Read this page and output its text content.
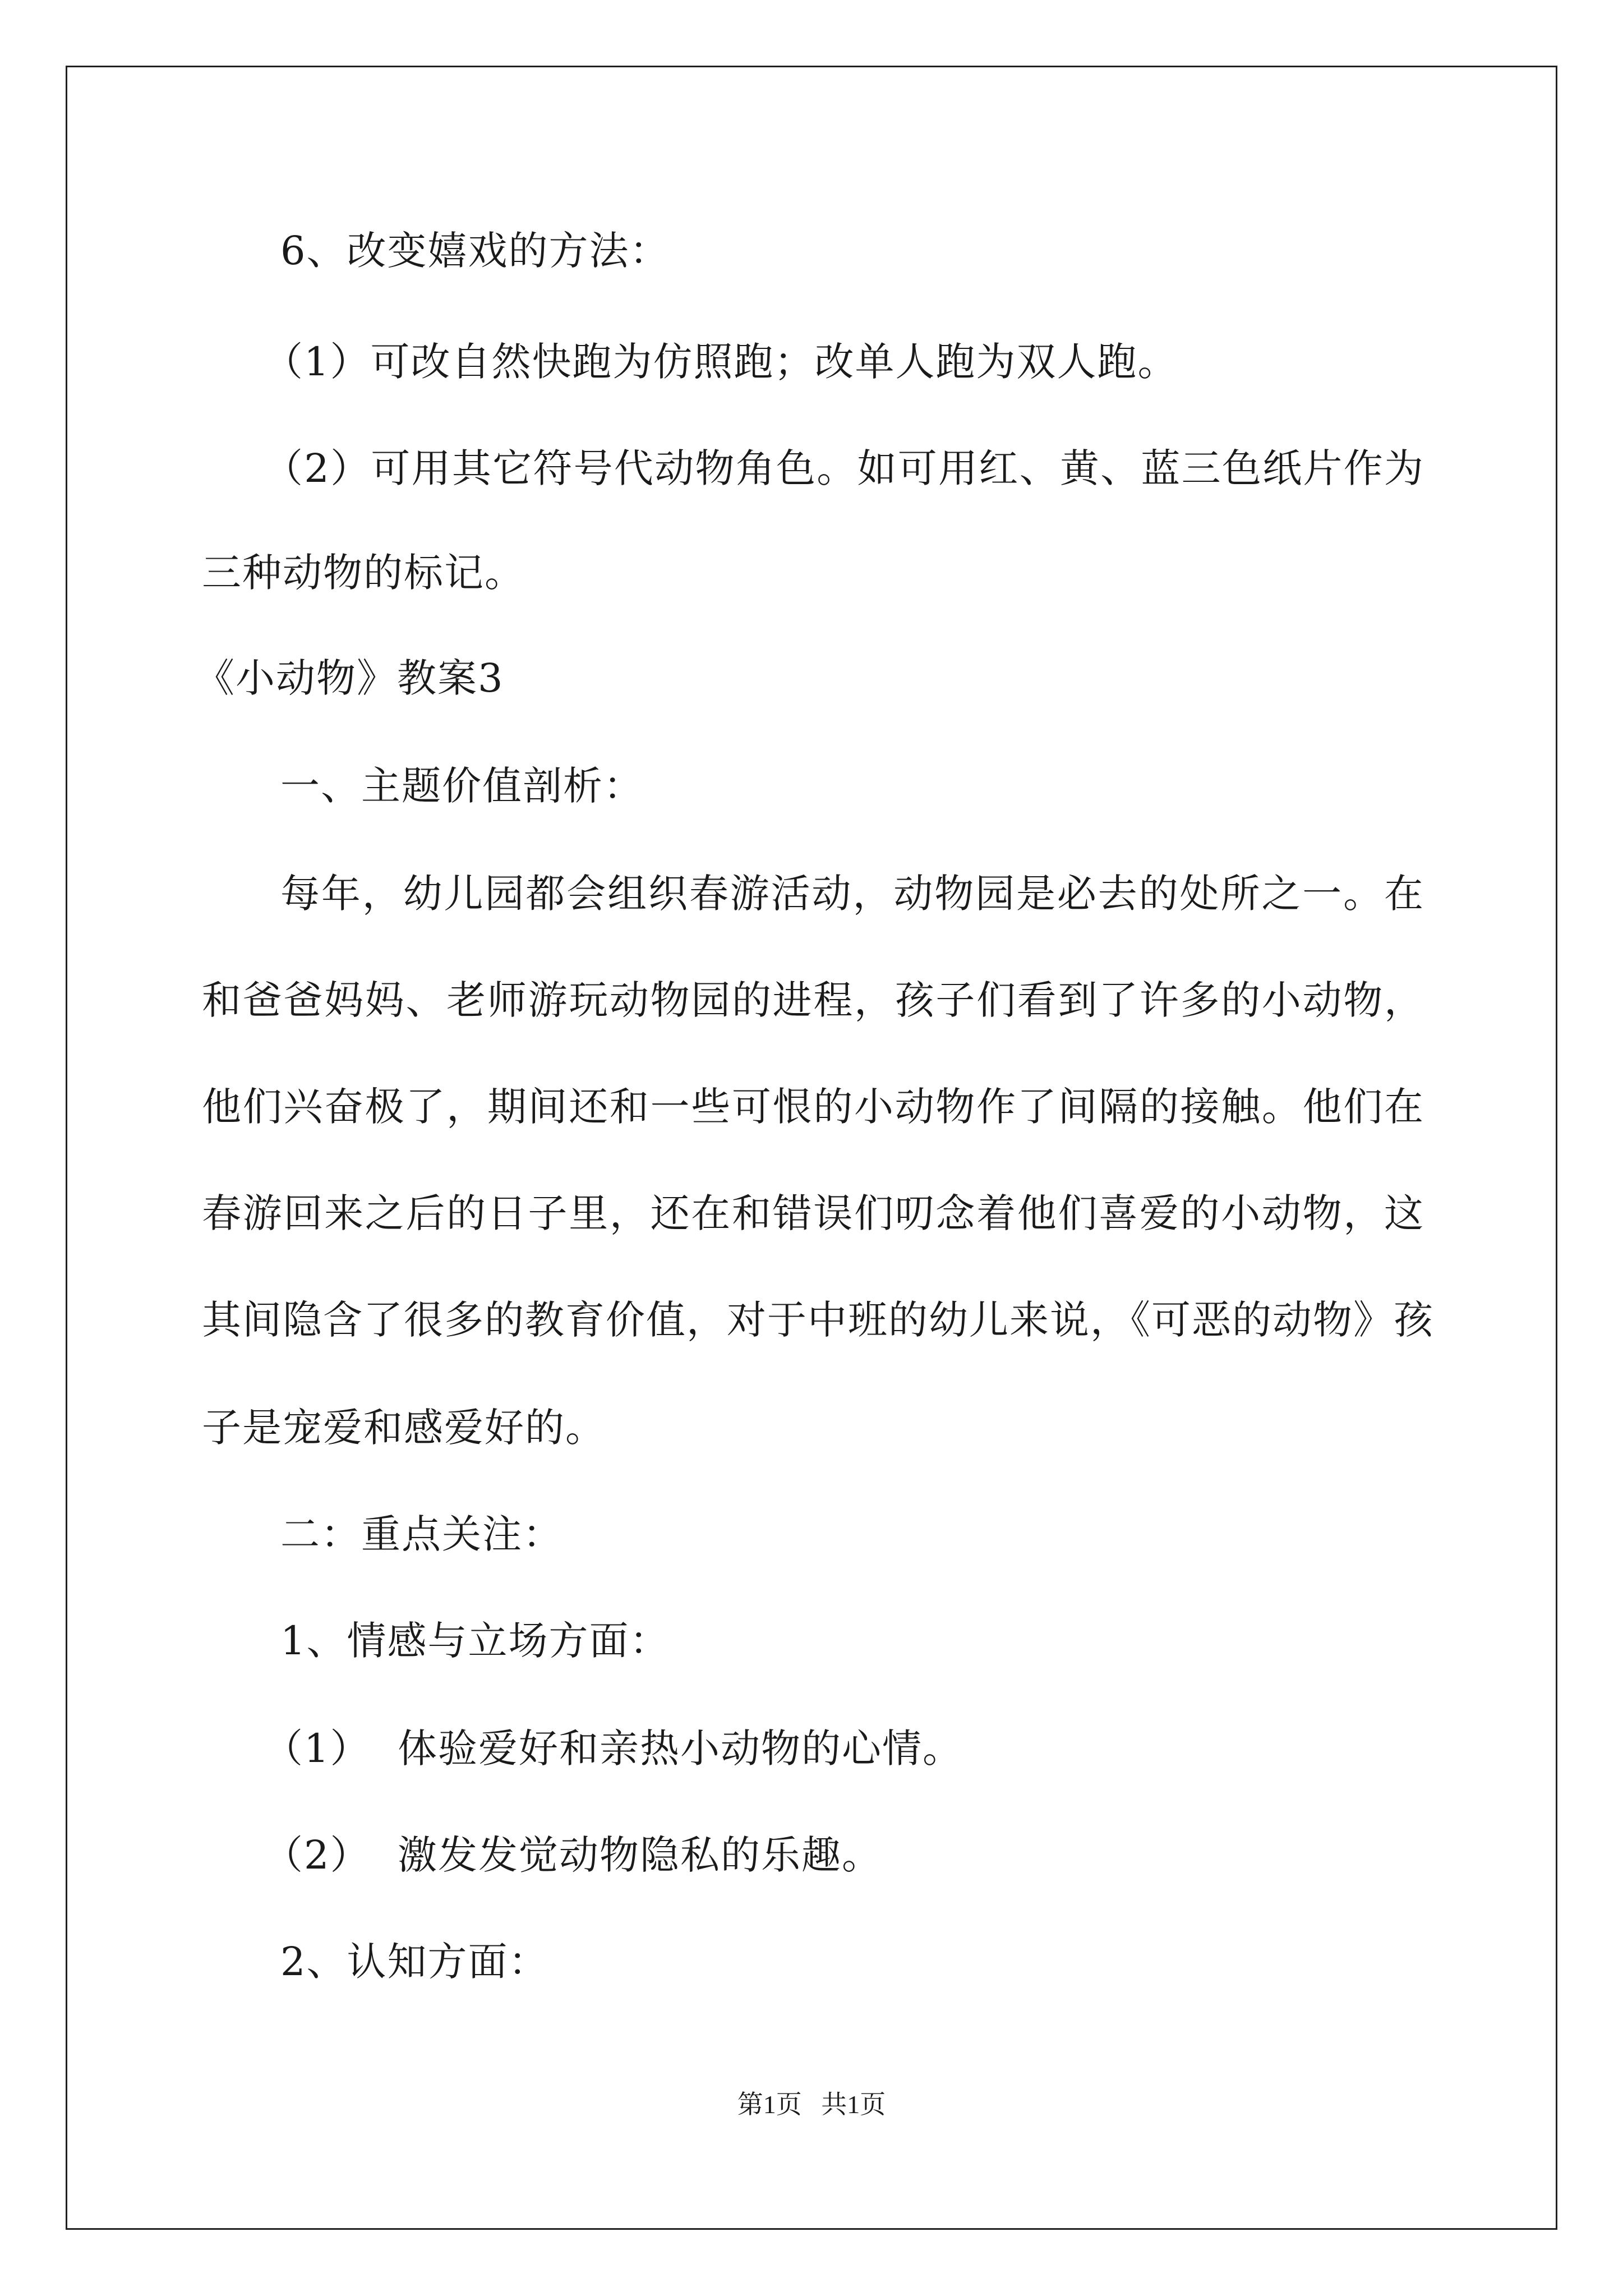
6、改变嬉戏的方法：
（1）可改自然快跑为仿照跑；改单人跑为双人跑。
（2）可用其它符号代动物角色。如可用红、黄、蓝三色纸片作为
三种动物的标记。
《小动物》教案3
一、主题价值剖析：
每年，幼儿园都会组织春游活动，动物园是必去的处所之一。在
和爸爸妈妈、老师游玩动物园的进程，孩子们看到了许多的小动物，
他们兴奋极了，期间还和一些可恨的小动物作了间隔的接触。他们在
春游回来之后的日子里，还在和错误们叨念着他们喜爱的小动物，这
其间隐含了很多的教育价值，对于中班的幼儿来说，《可恶的动物》孩
子是宠爱和感爱好的。
二：重点关注：
1、情感与立场方面：
（1）  体验爱好和亲热小动物的心情。
（2）  激发发觉动物隐私的乐趣。
2、认知方面：
第1页   共1页
